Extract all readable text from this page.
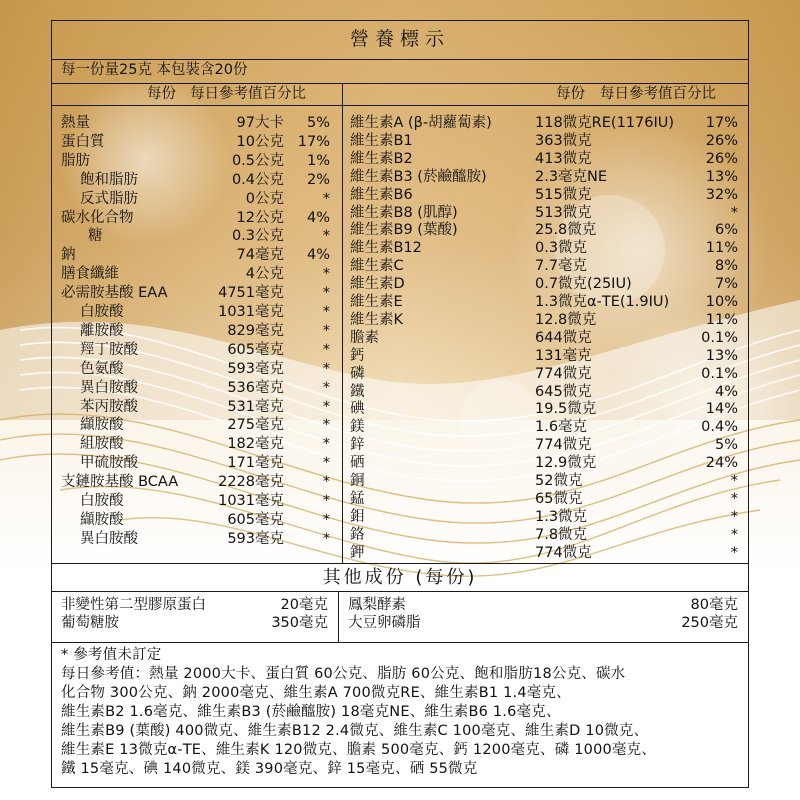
營養標示
每一份量25克 本包裝含20份
每份 每日參考值百分比	每份 每日參考值百分比
熱量	97大卡	5%
蛋白質	10公克 17%
脂肪	0.5公克	1%
飽和脂肪	0.4公克	2%
反式脂肪	0公克	*
碳水化合物	12公克	4%
糖	0.3公克	*
鈉	74毫克	4%
膳食纖維	4公克	*
必需胺基酸 EAA	4751毫克	*
白胺酸	1031毫克	*
離胺酸	829毫克	*
羥丁胺酸	605毫克	*
色氨酸	593毫克	*
異白胺酸	536毫克	*
苯丙胺酸	531毫克	*
纈胺酸	275毫克	*
組胺酸	182毫克	*
甲硫胺酸	171毫克	*
支鏈胺基酸 BCAA	2228毫克	*
白胺酸	1031毫克	*
纈胺酸	605毫克	*
異白胺酸	593毫克	*
維生素A (β-胡蘿蔔素)	118微克RE(1176IU)	17%
維生素B1	363微克	26%
維生素B2	413微克	26%
維生素B3 (菸鹼醯胺)	2.3毫克NE	13%
維生素B6	515微克	32%
維生素B8 (肌醇)	513微克	*
維生素B9 (葉酸)	25.8微克	6%
維生素B12	0.3微克	11%
維生素C	7.7毫克	8%
維生素D	0.7微克(25IU)	7%
維生素E	1.3微克α-TE(1.9IU)	10%
維生素K	12.8微克	11%
膽素	644微克	0.1%
鈣	131毫克	13%
磷	774微克	0.1%
鐵	645微克	4%
碘	19.5微克	14%
鎂	1.6毫克	0.4%
鋅	774微克	5%
硒	12.9微克	24%
銅	52微克	*
錳	65微克	*
鉬	1.3微克	*
鉻	7.8微克	*
鉀	774微克	*
其他成份 (每份)
非變性第二型膠原蛋白	20毫克
葡萄糖胺	350毫克
鳳梨酵素	80毫克
大豆卵磷脂	250毫克
* 參考值未訂定
每日參考值：熱量 2000大卡、蛋白質 60公克、脂肪 60公克、飽和脂肪18公克、碳水
化合物 300公克、鈉 2000毫克、維生素A 700微克RE、維生素B1 1.4毫克、
維生素B2 1.6毫克、維生素B3 (菸鹼醯胺) 18毫克NE、維生素B6 1.6毫克、
維生素B9 (葉酸) 400微克、維生素B12 2.4微克、維生素C 100毫克、維生素D 10微克、
維生素E 13微克α-TE、維生素K 120微克、膽素 500毫克、鈣 1200毫克、磷 1000毫克、
鐵 15毫克、碘 140微克、鎂 390毫克、鋅 15毫克、硒 55微克
